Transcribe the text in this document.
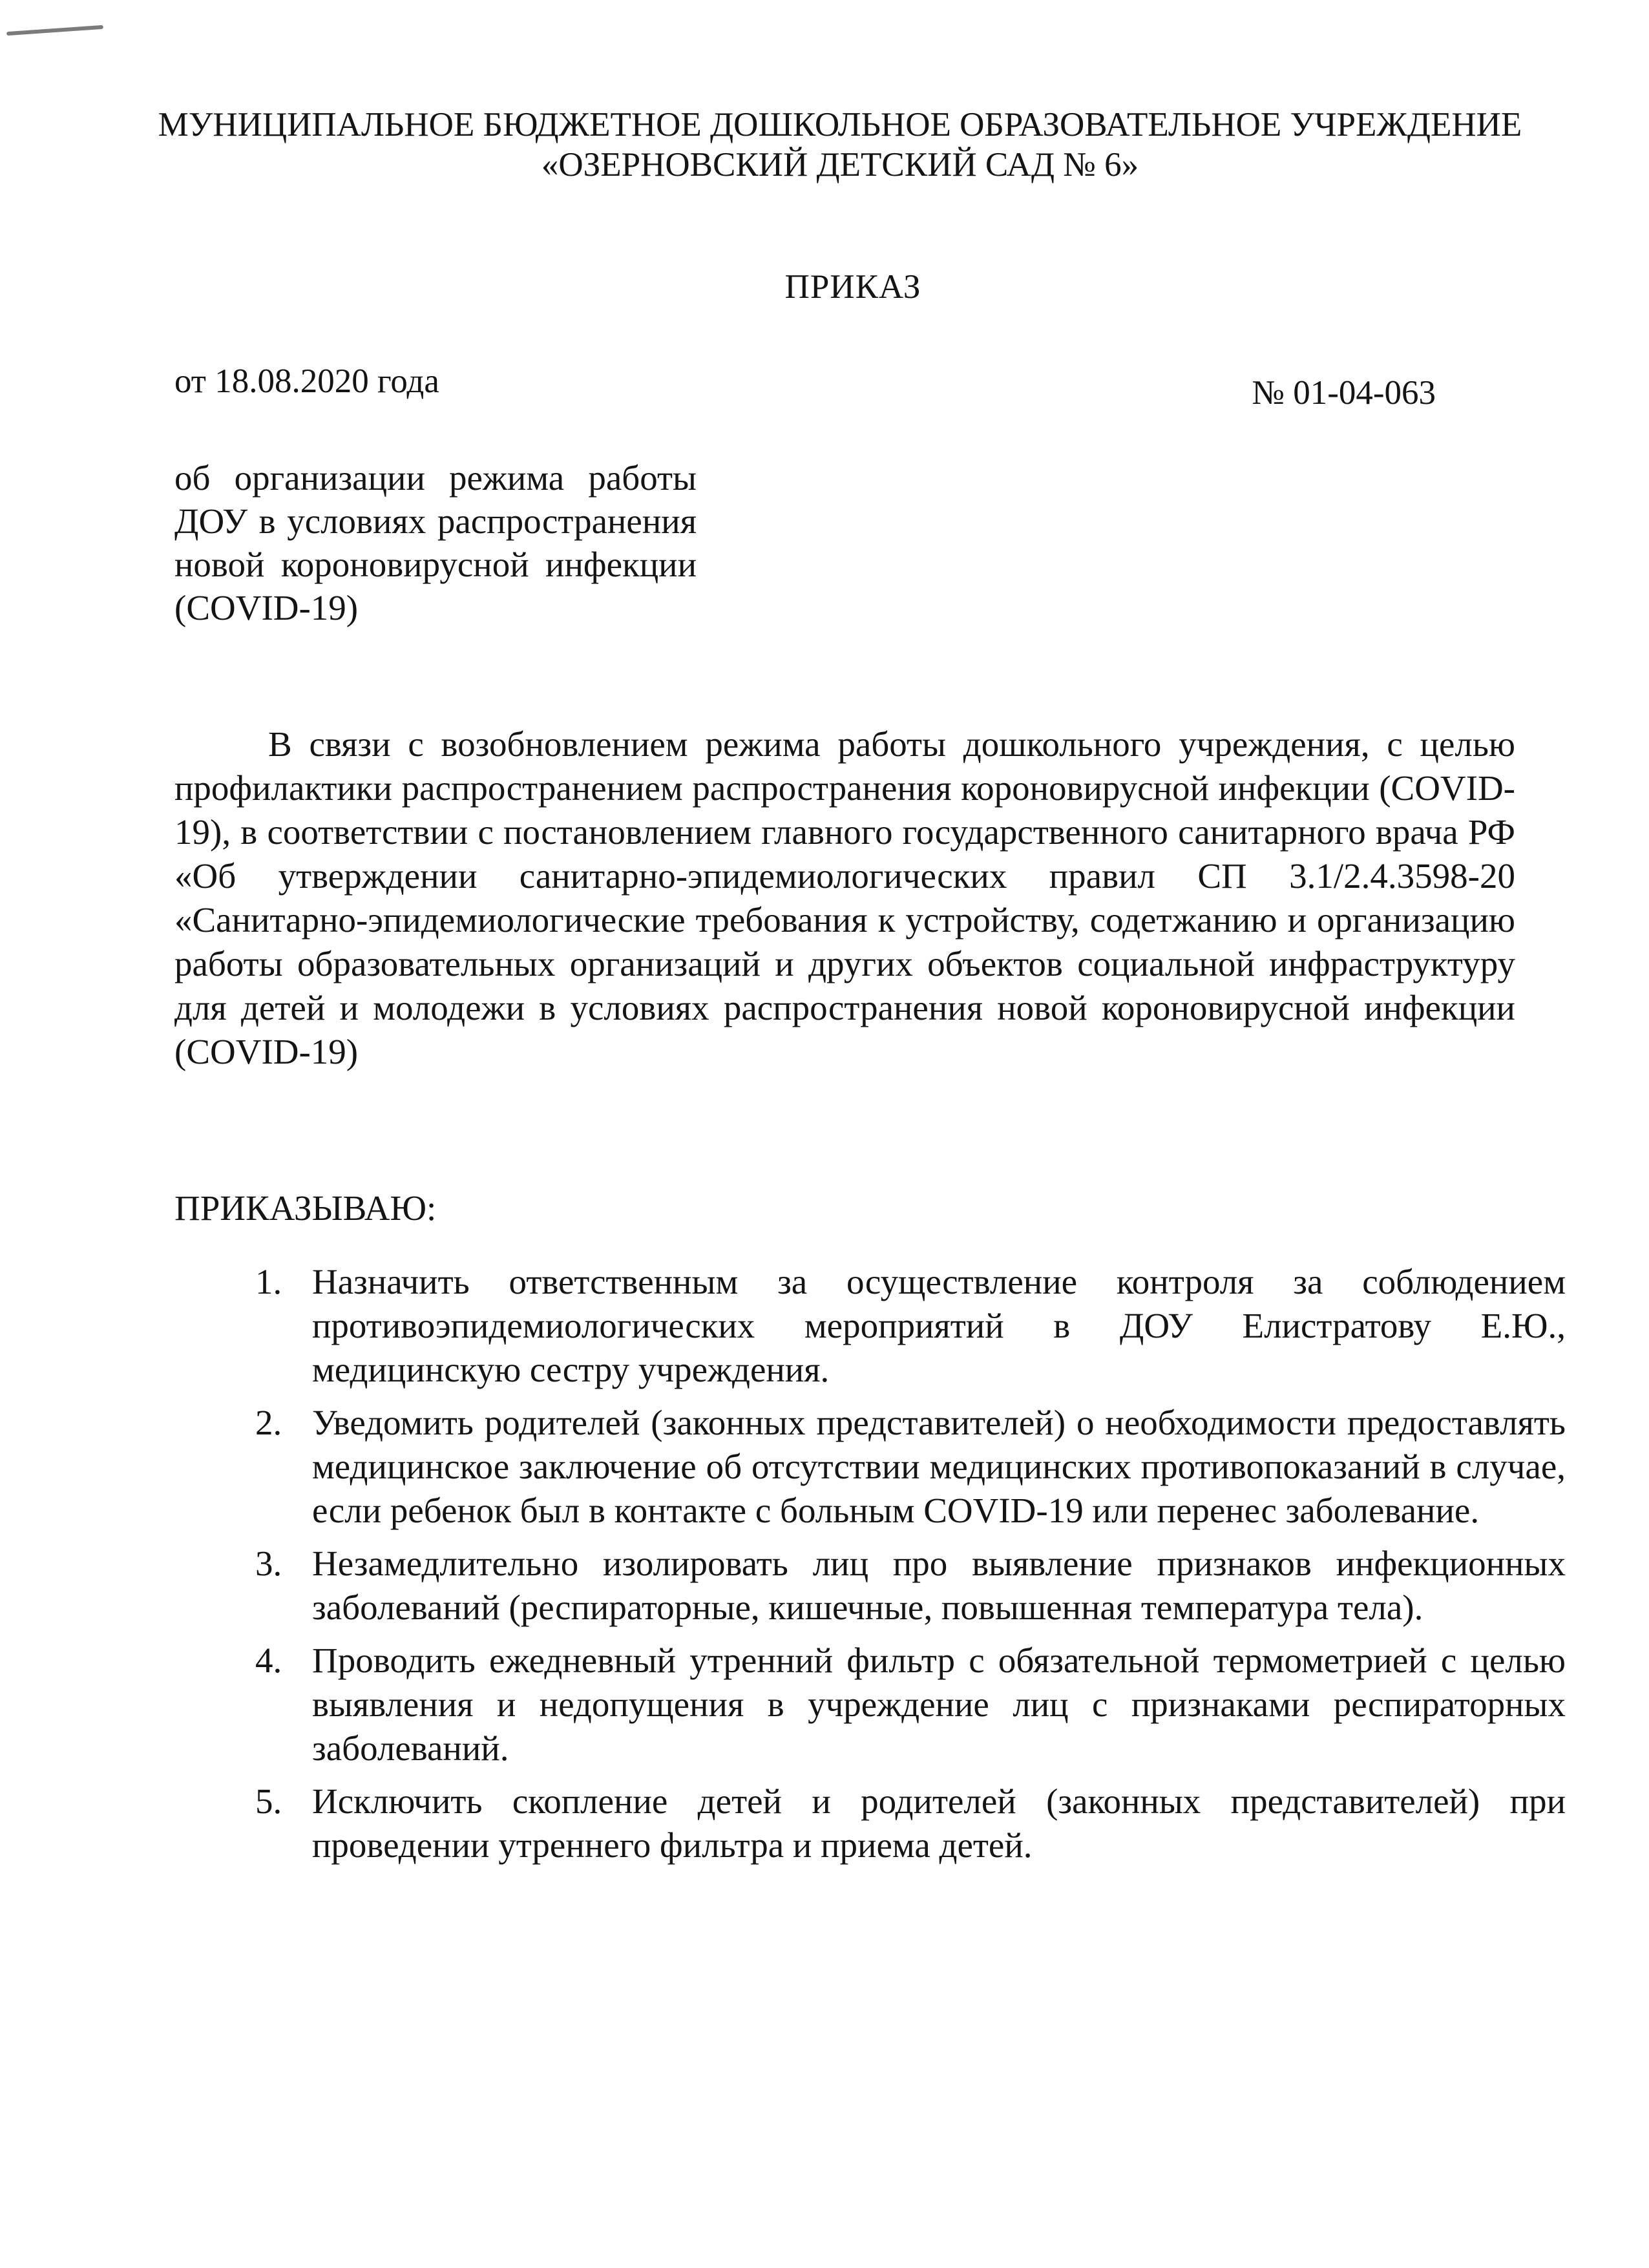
МУНИЦИПАЛЬНОЕ БЮДЖЕТНОЕ ДОШКОЛЬНОЕ ОБРАЗОВАТЕЛЬНОЕ УЧРЕЖДЕНИЕ
«ОЗЕРНОВСКИЙ ДЕТСКИЙ САД № 6»
ПРИКАЗ
от 18.08.2020 года	№ 01-04-063
об организации режима работы ДОУ в условиях распространения новой короновирусной инфекции (COVID-19)

В связи с возобновлением режима работы дошкольного учреждения, с целью профилактики распространением распространения короновирусной инфекции (COVID-19), в соответствии с постановлением главного государственного санитарного врача РФ «Об утверждении санитарно-эпидемиологических правил СП 3.1/2.4.3598-20 «Санитарно-эпидемиологические требования к устройству, содетжанию и организацию работы образовательных организаций и других объектов социальной инфраструктуру для детей и молодежи в условиях распространения новой короновирусной инфекции (COVID-19)

ПРИКАЗЫВАЮ:
1. Назначить ответственным за осуществление контроля за соблюдением противоэпидемиологических мероприятий в ДОУ Елистратову Е.Ю., медицинскую сестру учреждения.
2. Уведомить родителей (законных представителей) о необходимости предоставлять медицинское заключение об отсутствии медицинских противопоказаний в случае, если ребенок был в контакте с больным COVID-19 или перенес заболевание.
3. Незамедлительно изолировать лиц про выявление признаков инфекционных заболеваний (респираторные, кишечные, повышенная температура тела).
4. Проводить ежедневный утренний фильтр с обязательной термометрией с целью выявления и недопущения в учреждение лиц с признаками респираторных заболеваний.
5. Исключить скопление детей и родителей (законных представителей) при проведении утреннего фильтра и приема детей.
